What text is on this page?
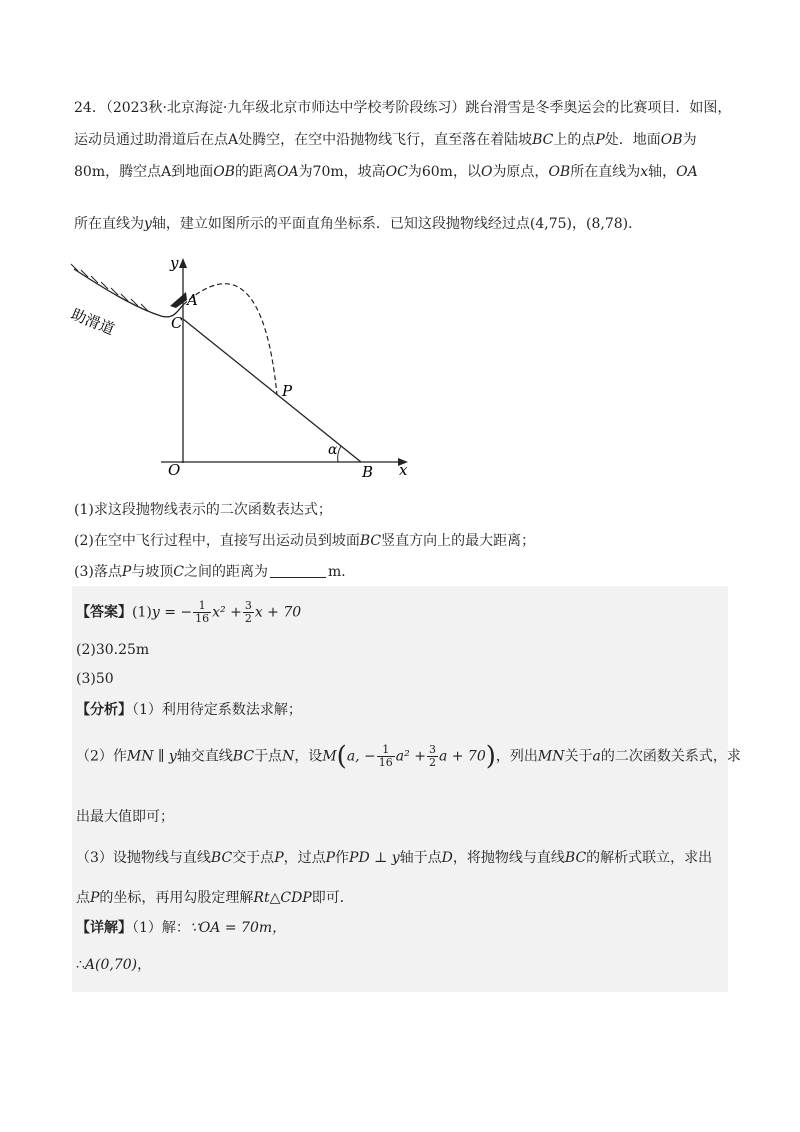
24．（2023秋·北京海淀·九年级北京市师达中学校考阶段练习）跳台滑雪是冬季奥运会的比赛项目．如图，
运动员通过助滑道后在点A处腾空，在空中沿抛物线飞行，直至落在着陆坡BC上的点P处．地面OB为
80m，腾空点A到地面OB的距离OA为70m，坡高OC为60m，以O为原点，OB所在直线为x轴，OA
所在直线为y轴，建立如图所示的平面直角坐标系．已知这段抛物线经过点(4,75)，(8,78)．
y
A
C
P
α
O	B x
助滑道
(1)求这段抛物线表示的二次函数表达式；
(2)在空中飞行过程中，直接写出运动员到坡面BC竖直方向上的最大距离；
(3)落点P与坡顶C之间的距离为	m．
【答案】(1)y = − $\frac{1}{16} x^2 + \frac{3}{2}$ x + 70
(2)30.25m
(3)50
【分析】（1）利用待定系数法求解；
（2）作MN ∥ y轴交直线BC于点N，设M(a, − $\frac{1}{16} a^2 + \frac{3}{2}$ a + 70)，列出MN关于a的二次函数关系式，求
出最大值即可；
（3）设抛物线与直线BC交于点P，过点P作PD ⊥ y轴于点D，将抛物线与直线BC的解析式联立，求出
点P的坐标，再用勾股定理解Rt△CDP即可．
【详解】（1）解：∵OA = 70m，
∴A(0,70)，
